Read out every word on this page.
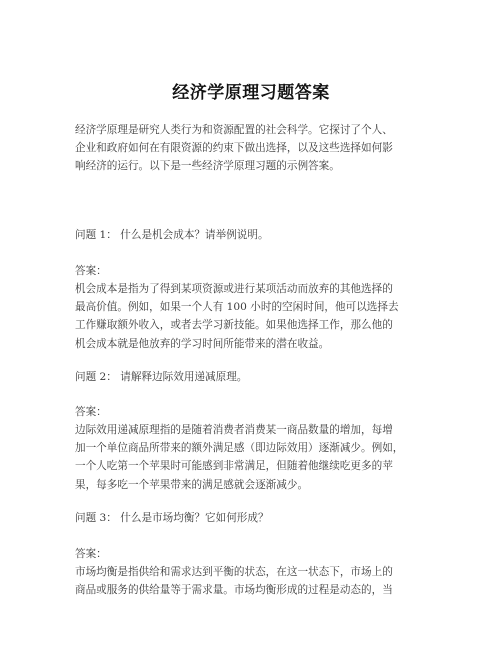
经济学原理习题答案
经济学原理是研究人类行为和资源配置的社会科学。它探讨了个人、
企业和政府如何在有限资源的约束下做出选择，以及这些选择如何影
响经济的运行。以下是一些经济学原理习题的示例答案。
问题 1： 什么是机会成本？请举例说明。
答案：
机会成本是指为了得到某项资源或进行某项活动而放弃的其他选择的
最高价值。例如，如果一个人有 100 小时的空闲时间，他可以选择去
工作赚取额外收入，或者去学习新技能。如果他选择工作，那么他的
机会成本就是他放弃的学习时间所能带来的潜在收益。
问题 2： 请解释边际效用递减原理。
答案：
边际效用递减原理指的是随着消费者消费某一商品数量的增加，每增
加一个单位商品所带来的额外满足感（即边际效用）逐渐减少。例如，
一个人吃第一个苹果时可能感到非常满足，但随着他继续吃更多的苹
果，每多吃一个苹果带来的满足感就会逐渐减少。
问题 3： 什么是市场均衡？它如何形成？
答案：
市场均衡是指供给和需求达到平衡的状态，在这一状态下，市场上的
商品或服务的供给量等于需求量。市场均衡形成的过程是动态的，当
